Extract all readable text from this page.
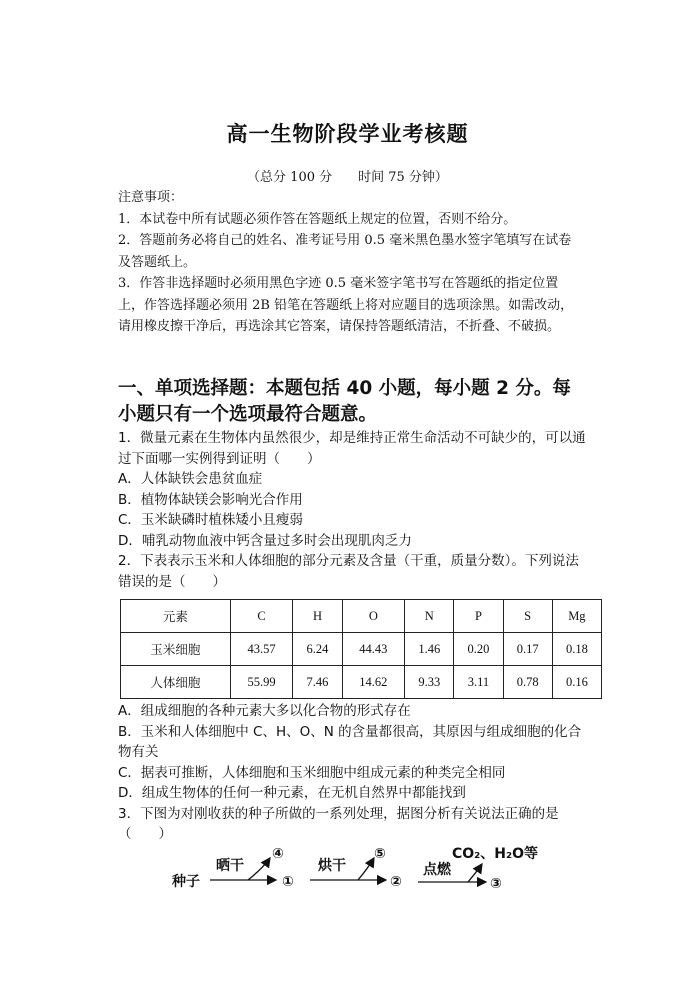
高一生物阶段学业考核题
（总分 100 分　　时间 75 分钟）

注意事项：

1．本试卷中所有试题必须作答在答题纸上规定的位置，否则不给分。

2．答题前务必将自己的姓名、准考证号用 0.5 毫米黑色墨水签字笔填写在试卷及答题纸上。

3．作答非选择题时必须用黑色字迹 0.5 毫米签字笔书写在答题纸的指定位置上，作答选择题必须用 2B 铅笔在答题纸上将对应题目的选项涂黑。如需改动，请用橡皮擦干净后，再选涂其它答案，请保持答题纸清洁，不折叠、不破损。

一、单项选择题：本题包括 40 小题，每小题 2 分。每小题只有一个选项最符合题意。

1．微量元素在生物体内虽然很少，却是维持正常生命活动不可缺少的，可以通过下面哪一实例得到证明（　　）

A．人体缺铁会患贫血症

B．植物体缺镁会影响光合作用

C．玉米缺磷时植株矮小且瘦弱

D．哺乳动物血液中钙含量过多时会出现肌肉乏力

2．下表表示玉米和人体细胞的部分元素及含量（干重，质量分数）。下列说法错误的是（　　）

元素	C	H	O	N	P	S	Mg
玉米细胞	43.57	6.24	44.43	1.46	0.20	0.17	0.18
人体细胞	55.99	7.46	14.62	9.33	3.11	0.78	0.16

A．组成细胞的各种元素大多以化合物的形式存在

B．玉米和人体细胞中 C、H、O、N 的含量都很高，其原因与组成细胞的化合物有关

C．据表可推断，人体细胞和玉米细胞中组成元素的种类完全相同

D．组成生物体的任何一种元素，在无机自然界中都能找到

3．下图为对刚收获的种子所做的一系列处理，据图分析有关说法正确的是（　　）

种子
晒干
④
①
烘干
⑤
②
点燃
CO₂、H₂O等
③
